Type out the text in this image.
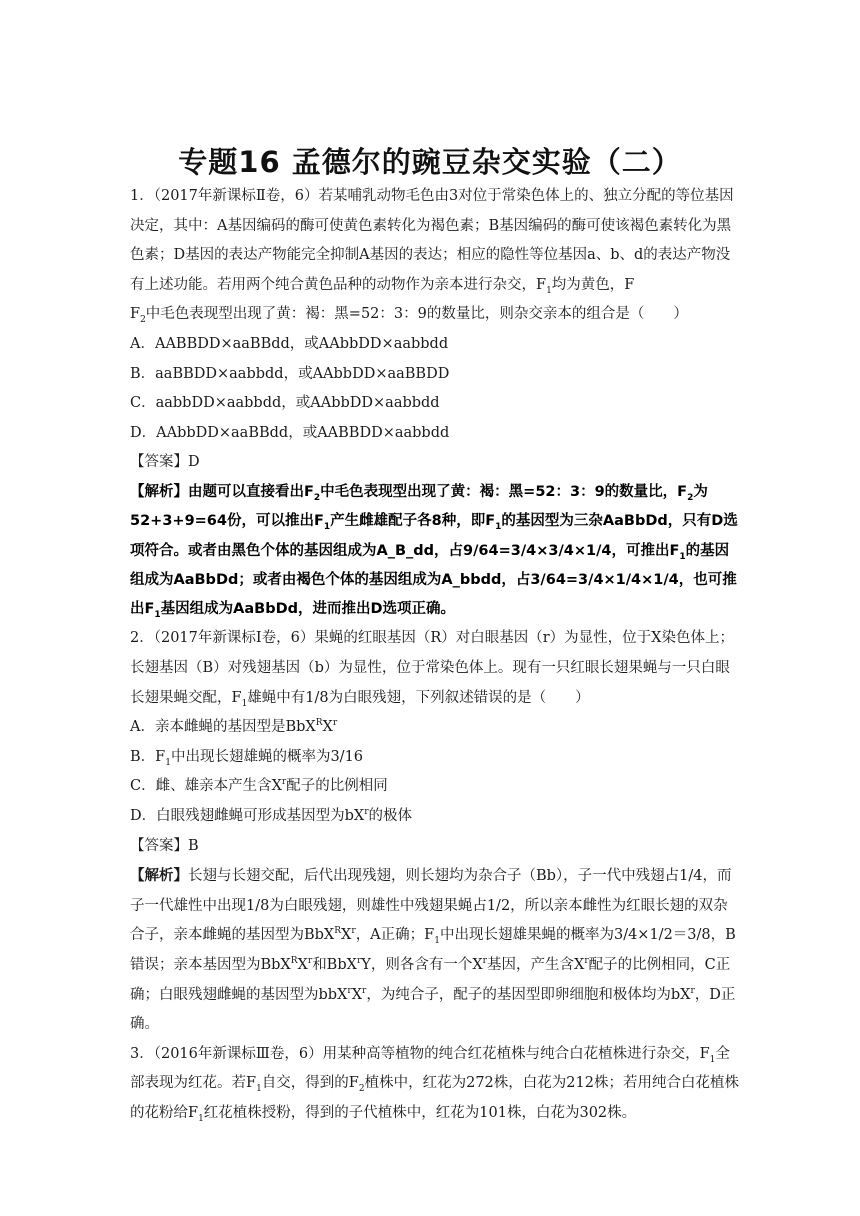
专题16 孟德尔的豌豆杂交实验（二）

1．（2017年新课标Ⅱ卷，6）若某哺乳动物毛色由3对位于常染色体上的、独立分配的等位基因决定，其中：A基因编码的酶可使黄色素转化为褐色素；B基因编码的酶可使该褐色素转化为黑色素；D基因的表达产物能完全抑制A基因的表达；相应的隐性等位基因a、b、d的表达产物没有上述功能。若用两个纯合黄色品种的动物作为亲本进行杂交，$F_1$均为黄色，F
$F_2$中毛色表现型出现了黄：褐：黑=52：3：9的数量比，则杂交亲本的组合是（　　）

A．AABBDD×aaBBdd，或AAbbDD×aabbdd

B．aaBBDD×aabbdd，或AAbbDD×aaBBDD

C．aabbDD×aabbdd，或AAbbDD×aabbdd

D．AAbbDD×aaBBdd，或AABBDD×aabbdd

【答案】D

【解析】由题可以直接看出$F_2$中毛色表现型出现了黄：褐：黑=52：3：9的数量比，$F_2$为52+3+9=64份，可以推出$F_1$产生雌雄配子各8种，即$F_1$的基因型为三杂AaBbDd，只有D选项符合。或者由黑色个体的基因组成为A_B_dd，占9/64=3/4×3/4×1/4，可推出$F_1$的基因组成为AaBbDd；或者由褐色个体的基因组成为A_bbdd，占3/64=3/4×1/4×1/4，也可推出$F_1$基因组成为AaBbDd，进而推出D选项正确。

2．（2017年新课标Ⅰ卷，6）果蝇的红眼基因（R）对白眼基因（r）为显性，位于X染色体上；长翅基因（B）对残翅基因（b）为显性，位于常染色体上。现有一只红眼长翅果蝇与一只白眼长翅果蝇交配，$F_1$雄蝇中有1/8为白眼残翅，下列叙述错误的是（　　）

A．亲本雌蝇的基因型是$BbX^RX^r$

B．$F_1$中出现长翅雄蝇的概率为3/16

C．雌、雄亲本产生含$X^r$配子的比例相同

D．白眼残翅雌蝇可形成基因型为$bX^r$的极体

【答案】B

【解析】长翅与长翅交配，后代出现残翅，则长翅均为杂合子（Bb），子一代中残翅占1/4，而子一代雄性中出现1/8为白眼残翅，则雄性中残翅果蝇占1/2，所以亲本雌性为红眼长翅的双杂合子，亲本雌蝇的基因型为$BbX^RX^r$，A正确；$F_1$中出现长翅雄果蝇的概率为3/4×1/2＝3/8，B错误；亲本基因型为$BbX^RX^r$和BbX$^r$Y，则各含有一个$X^r$基因，产生含$X^r$配子的比例相同，C正确；白眼残翅雌蝇的基因型为$bbX^rX^r$，为纯合子，配子的基因型即卵细胞和极体均为$bX^r$，D正确。

3．（2016年新课标Ⅲ卷，6）用某种高等植物的纯合红花植株与纯合白花植株进行杂交，$F_1$全部表现为红花。若$F_1$自交，得到的$F_2$植株中，红花为272株，白花为212株；若用纯合白花植株的花粉给$F_1$红花植株授粉，得到的子代植株中，红花为101株，白花为302株。
